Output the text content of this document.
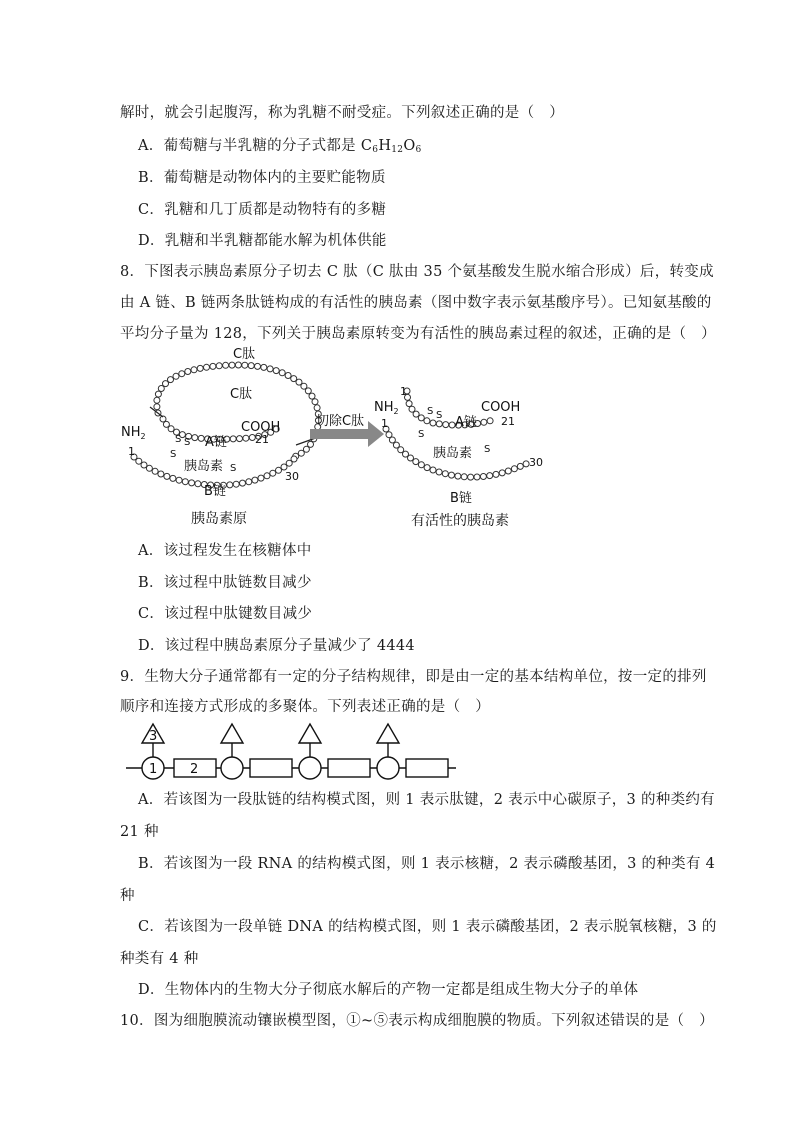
解时，就会引起腹泻，称为乳糖不耐受症。下列叙述正确的是（　）
A．葡萄糖与半乳糖的分子式都是 $C_6H_{12}O_6$
B．葡萄糖是动物体内的主要贮能物质
C．乳糖和几丁质都是动物特有的多糖
D．乳糖和半乳糖都能水解为机体供能
8．下图表示胰岛素原分子切去 C 肽（C 肽由 35 个氨基酸发生脱水缩合形成）后，转变成
由 A 链、B 链两条肽链构成的有活性的胰岛素（图中数字表示氨基酸序号）。已知氨基酸的
平均分子量为 128，下列关于胰岛素原转变为有活性的胰岛素过程的叙述，正确的是（　）
C肽
C肽
$NH_2$
1
S S A链
COOH
21
胰岛素
S
S
30
B链
胰岛素原
切除C肽
1
$NH_2$
1
S S A链
COOH
21
胰岛素
S
S
30
B链
有活性的胰岛素
A．该过程发生在核糖体中
B．该过程中肽链数目减少
C．该过程中肽键数目减少
D．该过程中胰岛素原分子量减少了 4444
9．生物大分子通常都有一定的分子结构规律，即是由一定的基本结构单位，按一定的排列
顺序和连接方式形成的多聚体。下列表述正确的是（　）
1	2
3
A．若该图为一段肽链的结构模式图，则 1 表示肽键，2 表示中心碳原子，3 的种类约有
21 种
B．若该图为一段 RNA 的结构模式图，则 1 表示核糖，2 表示磷酸基团，3 的种类有 4
种
C．若该图为一段单链 DNA 的结构模式图，则 1 表示磷酸基团，2 表示脱氧核糖，3 的
种类有 4 种
D．生物体内的生物大分子彻底水解后的产物一定都是组成生物大分子的单体
10．图为细胞膜流动镶嵌模型图，①~⑤表示构成细胞膜的物质。下列叙述错误的是（　）
